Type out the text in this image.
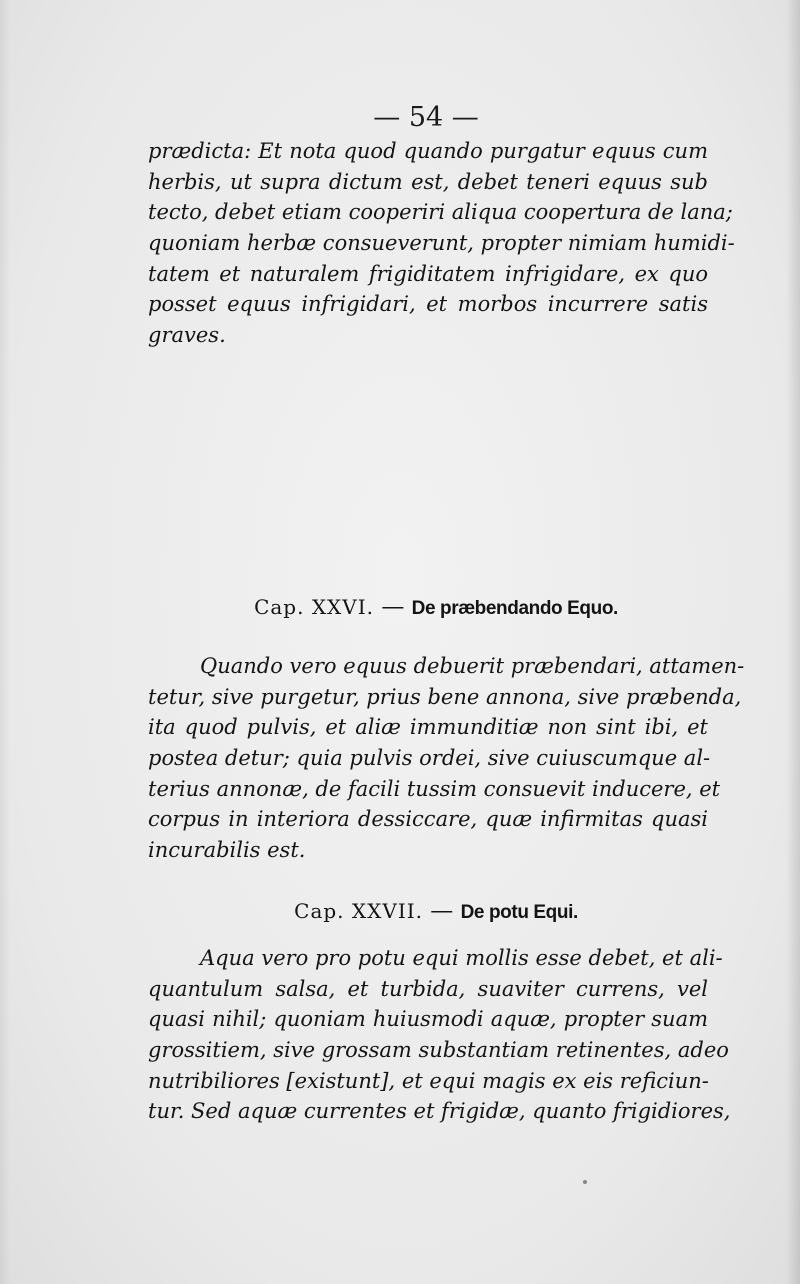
— 54 —
prædicta: Et nota quod quando purgatur equus cum
herbis, ut supra dictum est, debet teneri equus sub
tecto, debet etiam cooperiri aliqua coopertura de lana;
quoniam herbæ consueverunt, propter nimiam humidi-
tatem et naturalem frigiditatem infrigidare, ex quo
posset equus infrigidari, et morbos incurrere satis
graves.
Cap. XXVI. — De præbendando Equo.
Quando vero equus debuerit præbendari, attamen-
tetur, sive purgetur, prius bene annona, sive præbenda,
ita quod pulvis, et aliæ immunditiæ non sint ibi, et
postea detur; quia pulvis ordei, sive cuiuscumque al-
terius annonæ, de facili tussim consuevit inducere, et
corpus in interiora dessiccare, quæ infirmitas quasi
incurabilis est.
Cap. XXVII. — De potu Equi.
Aqua vero pro potu equi mollis esse debet, et ali-
quantulum salsa, et turbida, suaviter currens, vel
quasi nihil; quoniam huiusmodi aquæ, propter suam
grossitiem, sive grossam substantiam retinentes, adeo
nutribiliores [existunt], et equi magis ex eis reficiun-
tur. Sed aquæ currentes et frigidæ, quanto frigidiores,
